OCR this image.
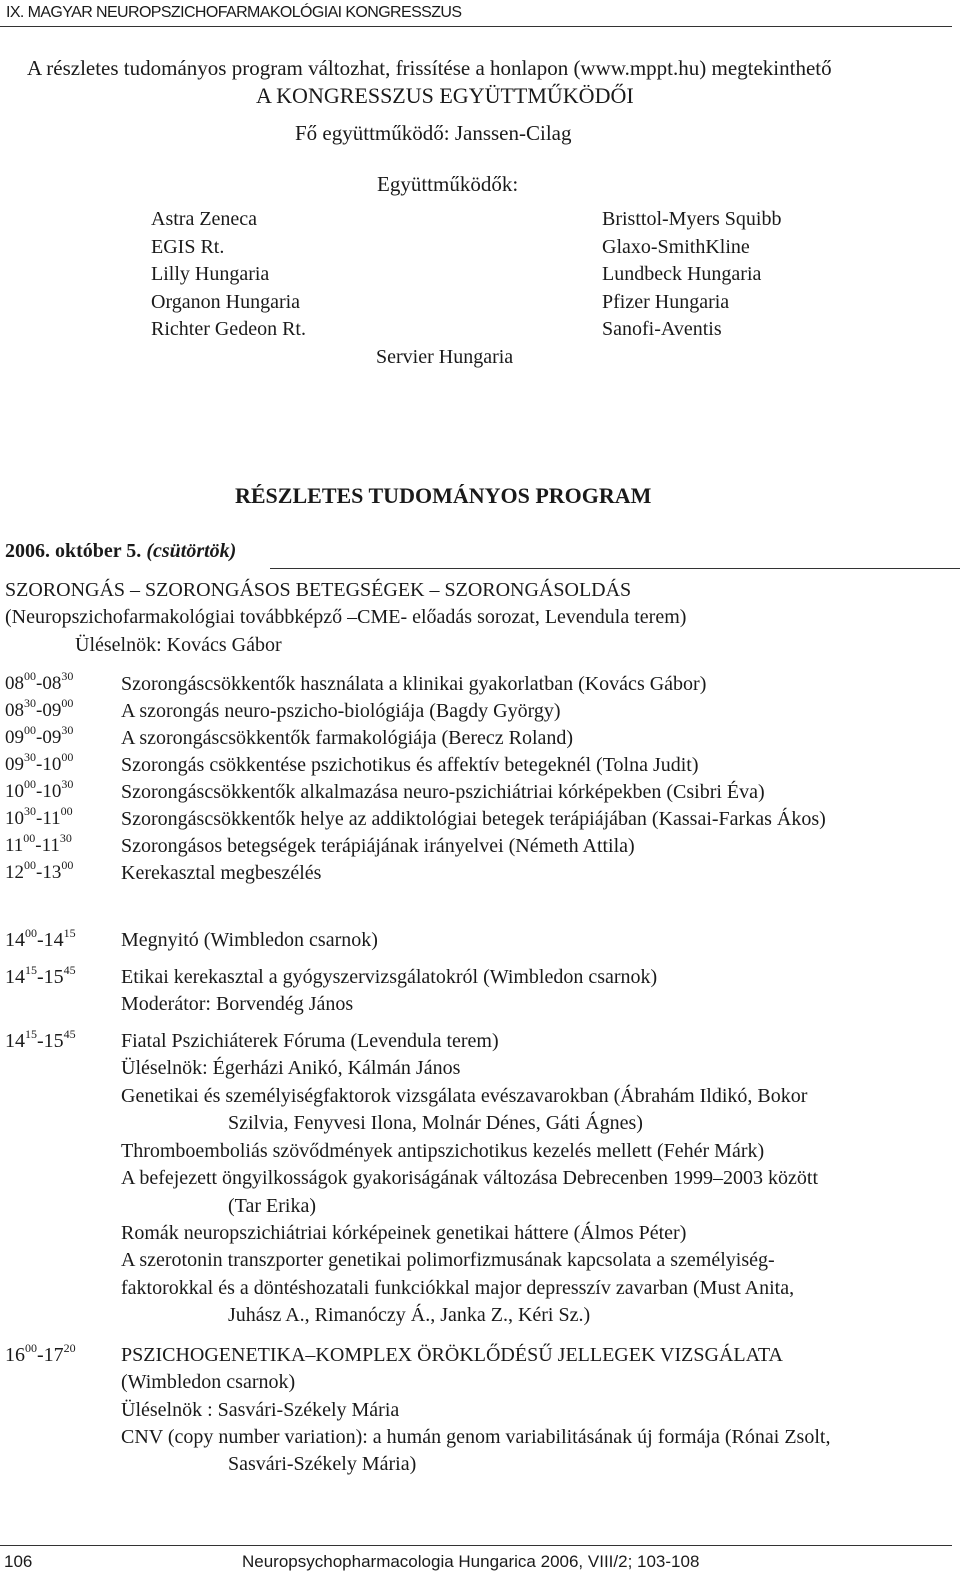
IX. MAGYAR NEUROPSZICHOFARMAKOLÓGIAI KONGRESSZUS
A részletes tudományos program változhat, frissítése a honlapon (www.mppt.hu) megtekinthető
A KONGRESSZUS EGYÜTTMŰKÖDŐI
Fő együttműködő: Janssen-Cilag
Együttműködők:
Astra Zeneca
EGIS Rt.
Lilly Hungaria
Organon Hungaria
Richter Gedeon Rt.
Bristtol-Myers Squibb
Glaxo-SmithKline
Lundbeck Hungaria
Pfizer Hungaria
Sanofi-Aventis
Servier Hungaria
RÉSZLETES TUDOMÁNYOS PROGRAM
2006. október 5. (csütörtök)
SZORONGÁS – SZORONGÁSOS BETEGSÉGEK – SZORONGÁSOLDÁS
(Neuropszichofarmakológiai továbbképző –CME- előadás sorozat, Levendula terem)
Üléselnök: Kovács Gábor
$08^{00}-08^{30}$ Szorongáscsökkentők használata a klinikai gyakorlatban (Kovács Gábor)
$08^{30}-09^{00}$ A szorongás neuro-pszicho-biológiája (Bagdy György)
$09^{00}-09^{30}$ A szorongáscsökkentők farmakológiája (Berecz Roland)
$09^{30}-10^{00}$ Szorongás csökkentése pszichotikus és affektív betegeknél (Tolna Judit)
$10^{00}-10^{30}$ Szorongáscsökkentők alkalmazása neuro-pszichiátriai kórképekben (Csibri Éva)
$10^{30}-11^{00}$ Szorongáscsökkentők helye az addiktológiai betegek terápiájában (Kassai-Farkas Ákos)
$11^{00}-11^{30}$ Szorongásos betegségek terápiájának irányelvei (Németh Attila)
$12^{00}-13^{00}$ Kerekasztal megbeszélés
$14^{00}-14^{15}$ Megnyitó (Wimbledon csarnok)
$14^{15}-15^{45}$ Etikai kerekasztal a gyógyszervizsgálatokról (Wimbledon csarnok)
Moderátor: Borvendég János
$14^{15}-15^{45}$ Fiatal Pszichiáterek Fóruma (Levendula terem)
Üléselnök: Égerházi Anikó, Kálmán János
Genetikai és személyiségfaktorok vizsgálata evészavarokban (Ábrahám Ildikó, Bokor
Szilvia, Fenyvesi Ilona, Molnár Dénes, Gáti Ágnes)
Thromboemboliás szövődmények antipszichotikus kezelés mellett (Fehér Márk)
A befejezett öngyilkosságok gyakoriságának változása Debrecenben 1999–2003 között
(Tar Erika)
Romák neuropszichiátriai kórképeinek genetikai háttere (Álmos Péter)
A szerotonin transzporter genetikai polimorfizmusának kapcsolata a személyiség-
faktorokkal és a döntéshozatali funkciókkal major depresszív zavarban (Must Anita,
Juhász A., Rimanóczy Á., Janka Z., Kéri Sz.)
$16^{00}-17^{20}$ PSZICHOGENETIKA–KOMPLEX ÖRÖKLŐDÉSŰ JELLEGEK VIZSGÁLATA
(Wimbledon csarnok)
Üléselnök : Sasvári-Székely Mária
CNV (copy number variation): a humán genom variabilitásának új formája (Rónai Zsolt,
Sasvári-Székely Mária)
106	Neuropsychopharmacologia Hungarica 2006, VIII/2; 103-108
